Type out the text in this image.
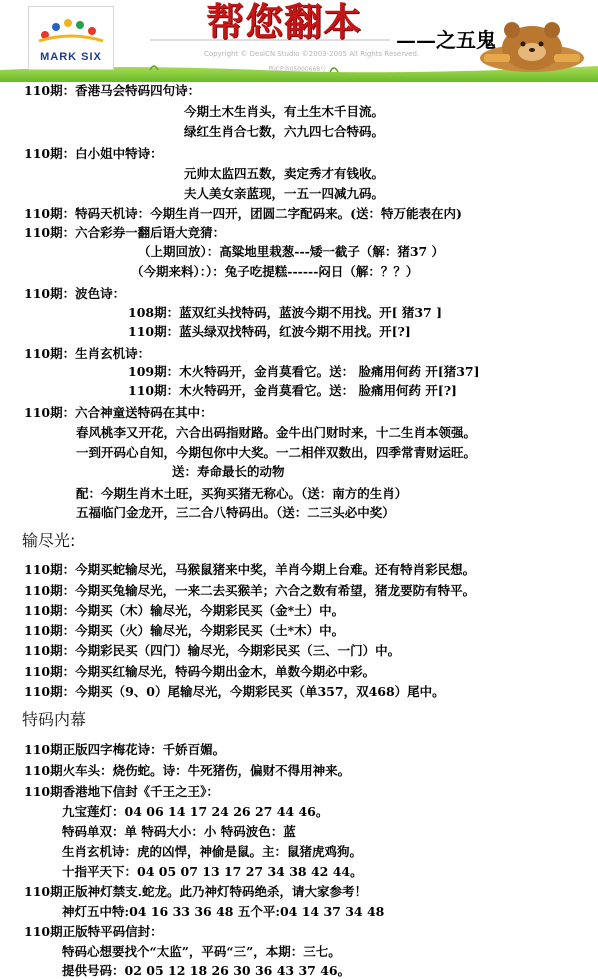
MARK SIX
帮您翻本 ——之五鬼
Copyright © DesiCN Studio ©2003-2005 All Rights Reserved.
粤ICP备05000668号
110期：香港马会特码四句诗：
今期土木生肖头，有土生木千目流。
绿红生肖合七数，六九四七合特码。
110期：白小姐中特诗：
元帅太监四五数，卖定秀才有钱收。
夫人美女亲蓝现，一五一四减九码。
110期：特码天机诗：今期生肖一四开，团圆二字配码来。(送：特万能表在内)
110期：六合彩券一翻后语大竞猜：
（上期回放）：高粱地里栽葱---矮一截子（解：猪37 ）
（今期来料）：）：兔子吃提糕------闷日（解：？？）
110期：波色诗：
108期：蓝双红头找特码，蓝波今期不用找。开[ 猪37 ]
110期：蓝头绿双找特码，红波今期不用找。开[?]
110期：生肖玄机诗：
109期：木火特码开，金肖莫看它。送： 脸痛用何药 开[猪37]
110期：木火特码开，金肖莫看它。送： 脸痛用何药 开[?]
110期：六合神童送特码在其中：
春风桃李又开花，六合出码指财路。金牛出门财时来，十二生肖本领强。
一到开码心自知，今期包你中大奖。一二相伴双数出，四季常青财运旺。
送：寿命最长的动物
配：今期生肖木土旺，买狗买猪无称心。（送：南方的生肖）
五福临门金龙开，三二合八特码出。（送：二三头必中奖）
输尽光:
110期：今期买蛇输尽光，马猴鼠猪来中奖，羊肖今期上台难。还有特肖彩民想。
110期：今期买兔输尽光，一来二去买猴羊；六合之数有希望，猪龙要防有特平。
110期：今期买（木）输尽光，今期彩民买（金*土）中。
110期：今期买（火）输尽光，今期彩民买（土*木）中。
110期：今期彩民买（四门）输尽光，今期彩民买（三、一门）中。
110期：今期买红输尽光，特码今期出金木，单数今期必中彩。
110期：今期买（9、0）尾输尽光，今期彩民买（单357，双468）尾中。
特码内幕
110期正版四字梅花诗：千娇百媚。
110期火车头：烧伤蛇。诗：牛死猪伤，偏财不得用神来。
110期香港地下信封《千王之王》：
九宝莲灯：04 06 14 17 24 26 27 44 46。
特码单双：单 特码大小：小 特码波色：蓝
生肖玄机诗：虎的凶悍，神偷是鼠。主：鼠猪虎鸡狗。
十指平天下：04 05 07 13 17 27 34 38 42 44。
110期正版神灯禁支.蛇龙。此乃神灯特码绝杀，请大家参考！
神灯五中特:04 16 33 36 48 五个平:04 14 37 34 48
110期正版特平码信封：
特码心想要找个“太监”，平码“三”，本期：三七。
提供号码：02 05 12 18 26 30 36 43 37 46。
